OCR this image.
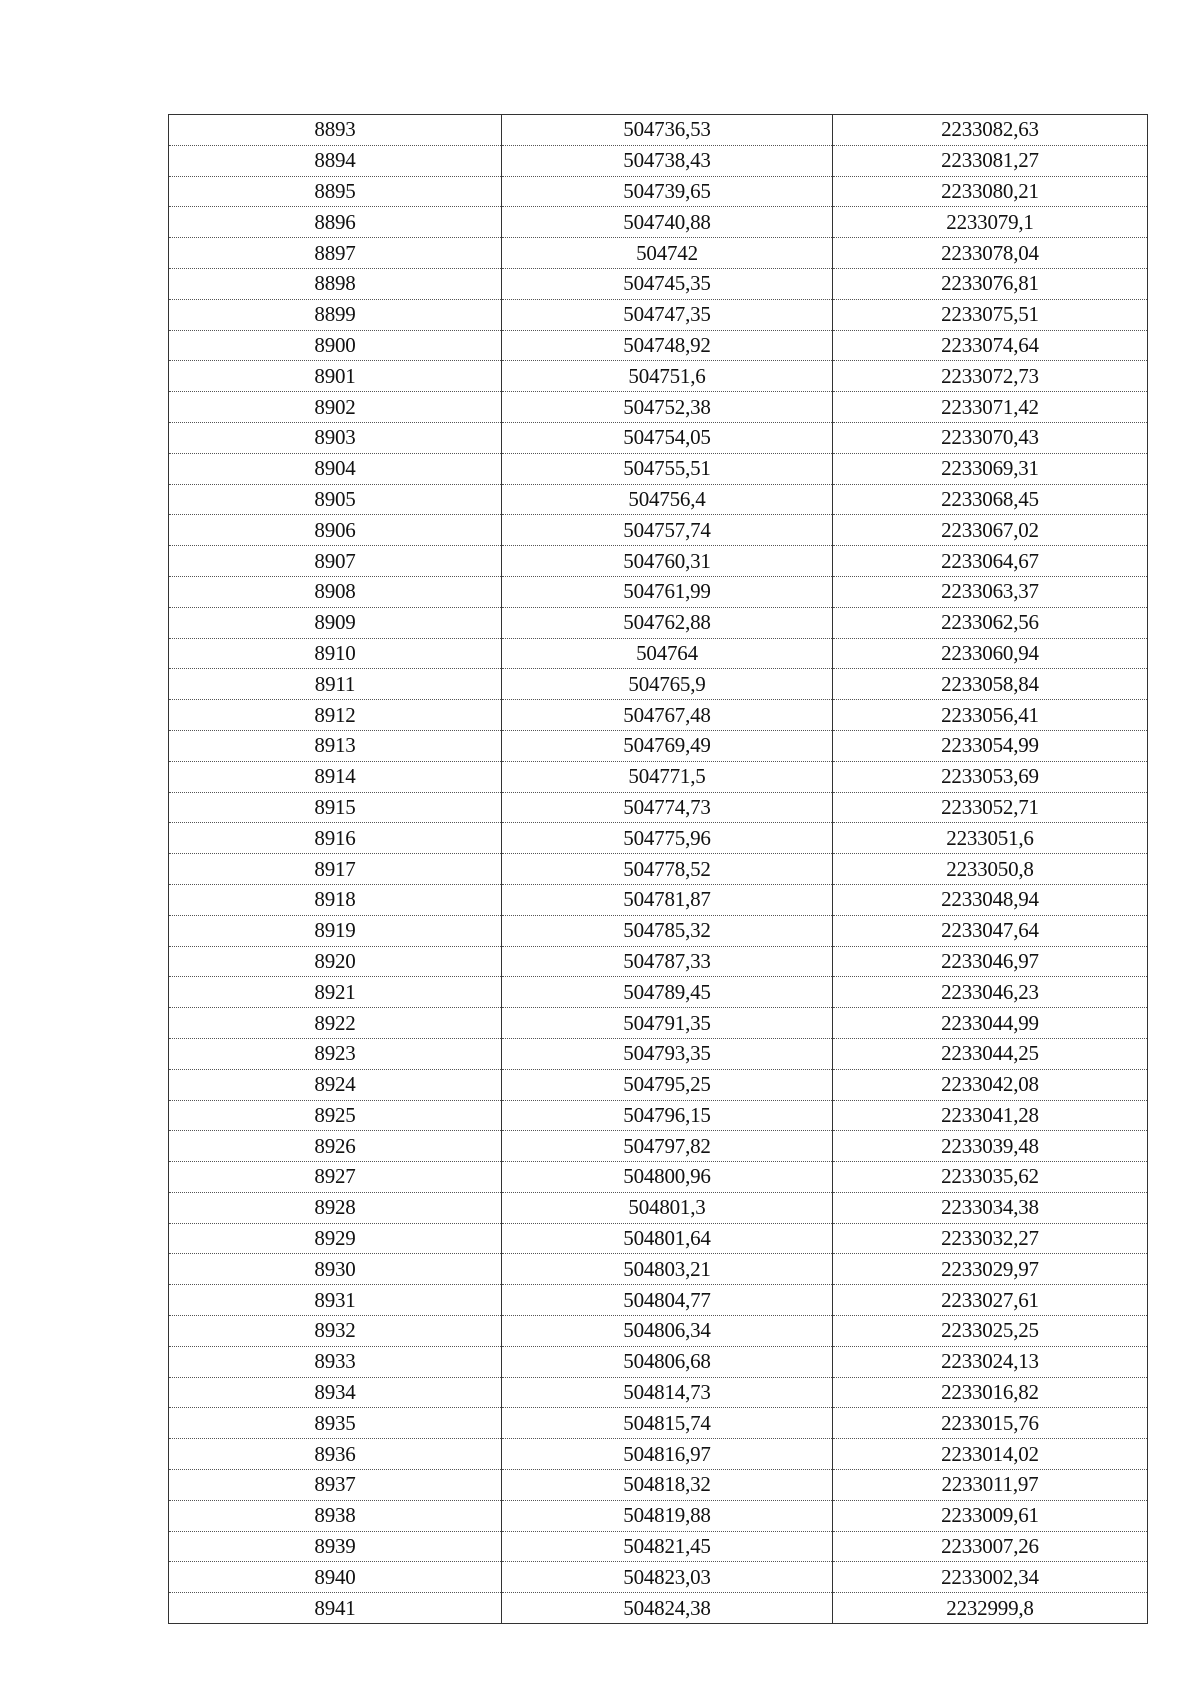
8893	504736,53	2233082,63
8894	504738,43	2233081,27
8895	504739,65	2233080,21
8896	504740,88	2233079,1
8897	504742	2233078,04
8898	504745,35	2233076,81
8899	504747,35	2233075,51
8900	504748,92	2233074,64
8901	504751,6	2233072,73
8902	504752,38	2233071,42
8903	504754,05	2233070,43
8904	504755,51	2233069,31
8905	504756,4	2233068,45
8906	504757,74	2233067,02
8907	504760,31	2233064,67
8908	504761,99	2233063,37
8909	504762,88	2233062,56
8910	504764	2233060,94
8911	504765,9	2233058,84
8912	504767,48	2233056,41
8913	504769,49	2233054,99
8914	504771,5	2233053,69
8915	504774,73	2233052,71
8916	504775,96	2233051,6
8917	504778,52	2233050,8
8918	504781,87	2233048,94
8919	504785,32	2233047,64
8920	504787,33	2233046,97
8921	504789,45	2233046,23
8922	504791,35	2233044,99
8923	504793,35	2233044,25
8924	504795,25	2233042,08
8925	504796,15	2233041,28
8926	504797,82	2233039,48
8927	504800,96	2233035,62
8928	504801,3	2233034,38
8929	504801,64	2233032,27
8930	504803,21	2233029,97
8931	504804,77	2233027,61
8932	504806,34	2233025,25
8933	504806,68	2233024,13
8934	504814,73	2233016,82
8935	504815,74	2233015,76
8936	504816,97	2233014,02
8937	504818,32	2233011,97
8938	504819,88	2233009,61
8939	504821,45	2233007,26
8940	504823,03	2233002,34
8941	504824,38	2232999,8
